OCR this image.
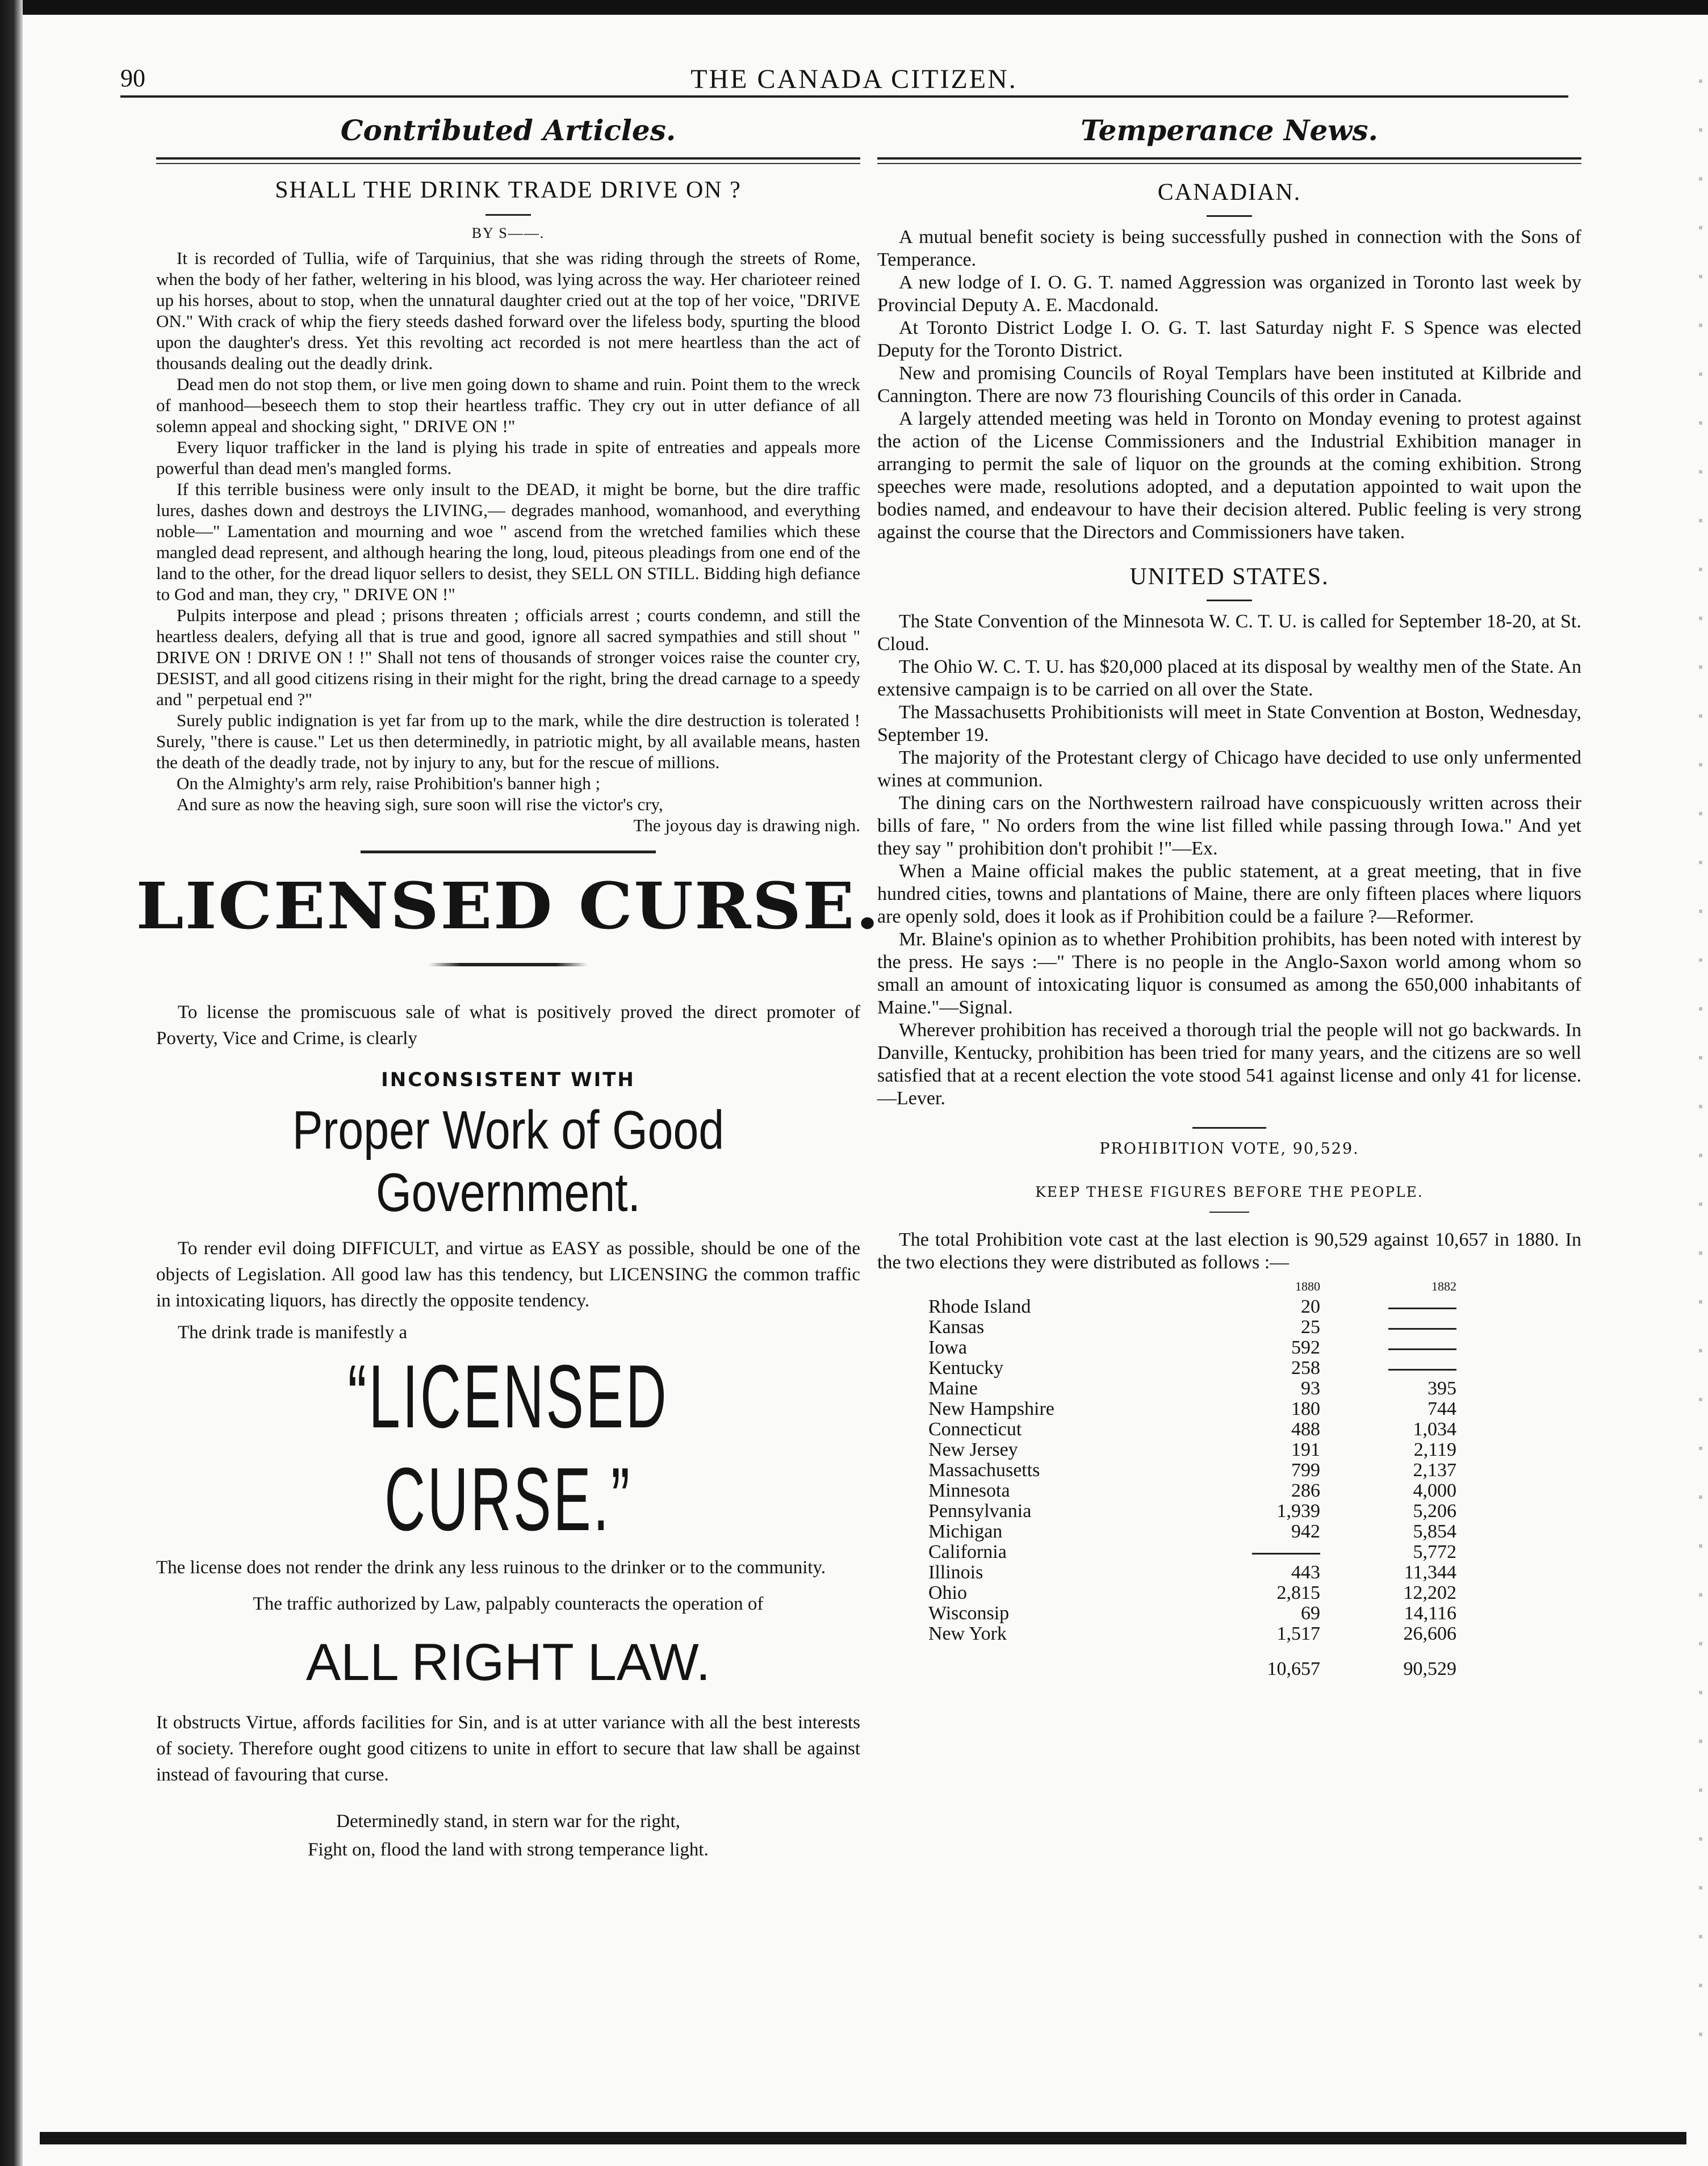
90	THE CANADA CITIZEN.
Contributed Articles.
SHALL THE DRINK TRADE DRIVE ON ?
BY S——.

It is recorded of Tullia, wife of Tarquinius, that she was riding through the streets of Rome, when the body of her father, weltering in his blood, was lying across the way. Her charioteer reined up his horses, about to stop, when the unnatural daughter cried out at the top of her voice, "DRIVE ON." With crack of whip the fiery steeds dashed forward over the lifeless body, spurting the blood upon the daughter's dress. Yet this revolting act recorded is not mere heartless than the act of thousands dealing out the deadly drink.

Dead men do not stop them, or live men going down to shame and ruin. Point them to the wreck of manhood—beseech them to stop their heartless traffic. They cry out in utter defiance of all solemn appeal and shocking sight, " DRIVE ON !"

Every liquor trafficker in the land is plying his trade in spite of entreaties and appeals more powerful than dead men's mangled forms.

If this terrible business were only insult to the DEAD, it might be borne, but the dire traffic lures, dashes down and destroys the LIVING,— degrades manhood, womanhood, and everything noble—" Lamentation and mourning and woe " ascend from the wretched families which these mangled dead represent, and although hearing the long, loud, piteous pleadings from one end of the land to the other, for the dread liquor sellers to desist, they SELL ON STILL. Bidding high defiance to God and man, they cry, " DRIVE ON !"

Pulpits interpose and plead ; prisons threaten ; officials arrest ; courts condemn, and still the heartless dealers, defying all that is true and good, ignore all sacred sympathies and still shout " DRIVE ON ! DRIVE ON ! !" Shall not tens of thousands of stronger voices raise the counter cry, DESIST, and all good citizens rising in their might for the right, bring the dread carnage to a speedy and " perpetual end ?"

Surely public indignation is yet far from up to the mark, while the dire destruction is tolerated ! Surely, "there is cause." Let us then determinedly, in patriotic might, by all available means, hasten the death of the deadly trade, not by injury to any, but for the rescue of millions.

On the Almighty's arm rely, raise Prohibition's banner high ;
And sure as now the heaving sigh, sure soon will rise the victor's cry,
The joyous day is drawing nigh.
LICENSED CURSE.
To license the promiscuous sale of what is positively proved the direct promoter of Poverty, Vice and Crime, is clearly
INCONSISTENT WITH
Proper Work of Good Government.
To render evil doing DIFFICULT, and virtue as EASY as possible, should be one of the objects of Legislation. All good law has this tendency, but LICENSING the common traffic in intoxicating liquors, has directly the opposite tendency.
The drink trade is manifestly a
“LICENSED CURSE.”
The license does not render the drink any less ruinous to the drinker or to the community.
The traffic authorized by Law, palpably counteracts the operation of
ALL RIGHT LAW.
It obstructs Virtue, affords facilities for Sin, and is at utter variance with all the best interests of society. Therefore ought good citizens to unite in effort to secure that law shall be against instead of favouring that curse.
Determinedly stand, in stern war for the right,
Fight on, flood the land with strong temperance light.
Temperance News.
CANADIAN.

A mutual benefit society is being successfully pushed in connection with the Sons of Temperance.

A new lodge of I. O. G. T. named Aggression was organized in Toronto last week by Provincial Deputy A. E. Macdonald.

At Toronto District Lodge I. O. G. T. last Saturday night F. S Spence was elected Deputy for the Toronto District.

New and promising Councils of Royal Templars have been instituted at Kilbride and Cannington. There are now 73 flourishing Councils of this order in Canada.

A largely attended meeting was held in Toronto on Monday evening to protest against the action of the License Commissioners and the Industrial Exhibition manager in arranging to permit the sale of liquor on the grounds at the coming exhibition. Strong speeches were made, resolutions adopted, and a deputation appointed to wait upon the bodies named, and endeavour to have their decision altered. Public feeling is very strong against the course that the Directors and Commissioners have taken.

UNITED STATES.

The State Convention of the Minnesota W. C. T. U. is called for September 18-20, at St. Cloud.

The Ohio W. C. T. U. has $20,000 placed at its disposal by wealthy men of the State. An extensive campaign is to be carried on all over the State.

The Massachusetts Prohibitionists will meet in State Convention at Boston, Wednesday, September 19.

The majority of the Protestant clergy of Chicago have decided to use only unfermented wines at communion.

The dining cars on the Northwestern railroad have conspicuously written across their bills of fare, " No orders from the wine list filled while passing through Iowa." And yet they say " prohibition don't prohibit !"—Ex.

When a Maine official makes the public statement, at a great meeting, that in five hundred cities, towns and plantations of Maine, there are only fifteen places where liquors are openly sold, does it look as if Prohibition could be a failure ?—Reformer.

Mr. Blaine's opinion as to whether Prohibition prohibits, has been noted with interest by the press. He says :—" There is no people in the Anglo-Saxon world among whom so small an amount of intoxicating liquor is consumed as among the 650,000 inhabitants of Maine."—Signal.

Wherever prohibition has received a thorough trial the people will not go backwards. In Danville, Kentucky, prohibition has been tried for many years, and the citizens are so well satisfied that at a recent election the vote stood 541 against license and only 41 for license.—Lever.

PROHIBITION VOTE, 90,529.
KEEP THESE FIGURES BEFORE THE PEOPLE.

The total Prohibition vote cast at the last election is 90,529 against 10,657 in 1880. In the two elections they were distributed as follows :—

	1880	1882
Rhode Island	20	
Kansas	25	
Iowa	592	
Kentucky	258	
Maine	93	395
New Hampshire	180	744
Connecticut	488	1,034
New Jersey	191	2,119
Massachusetts	799	2,137
Minnesota	286	4,000
Pennsylvania	1,939	5,206
Michigan	942	5,854
California		5,772
Illinois	443	11,344
Ohio	2,815	12,202
Wisconsip	69	14,116
New York	1,517	26,606
	10,657	90,529
